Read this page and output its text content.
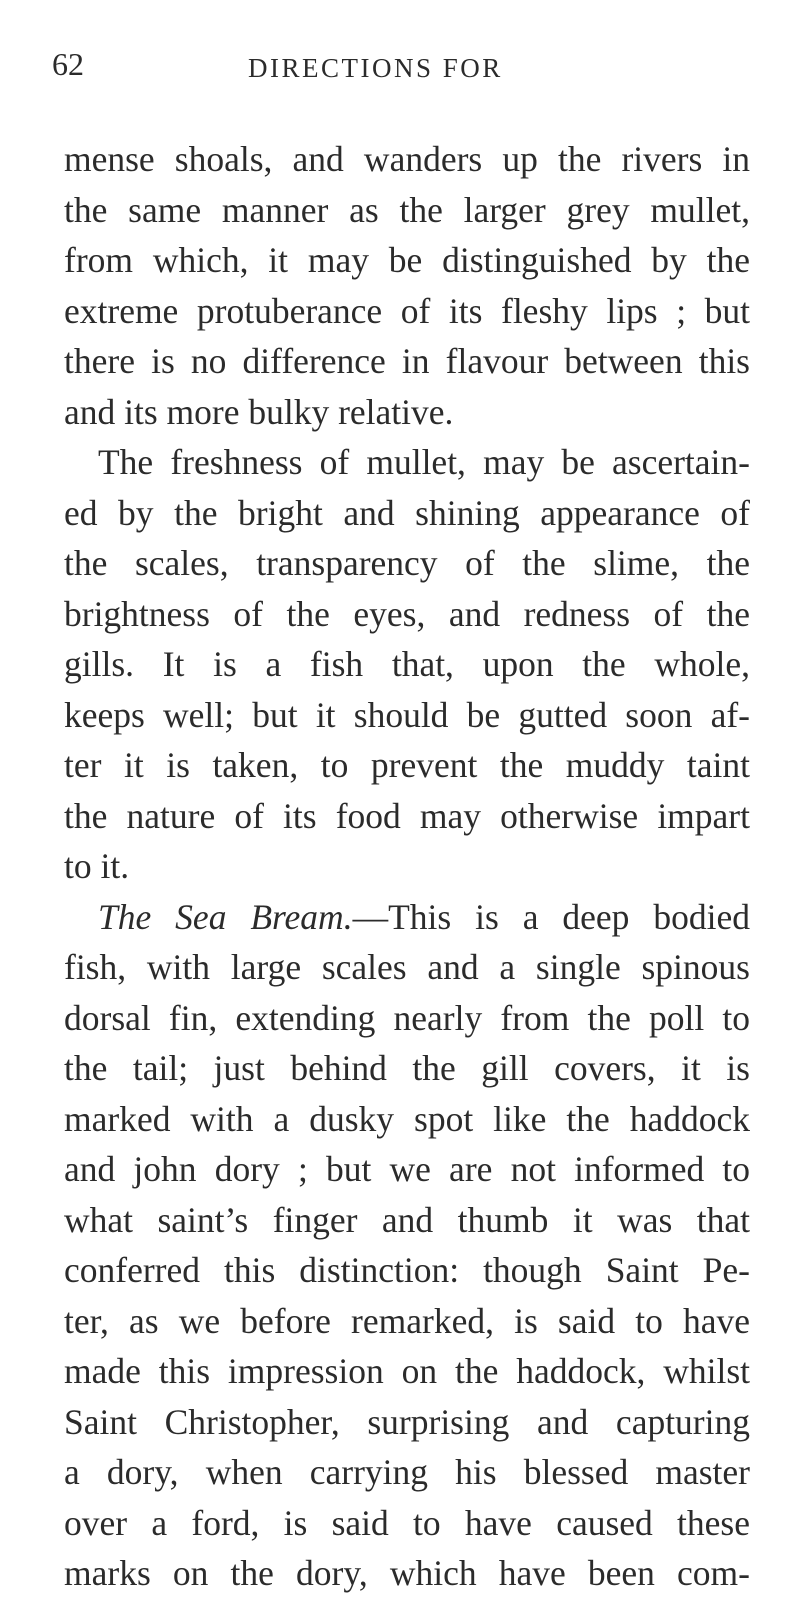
62	DIRECTIONS FOR
mense shoals, and wanders up the rivers in
the same manner as the larger grey mullet,
from which, it may be distinguished by the
extreme protuberance of its fleshy lips ; but
there is no difference in flavour between this
and its more bulky relative.
The freshness of mullet, may be ascertain-
ed by the bright and shining appearance of
the scales, transparency of the slime, the
brightness of the eyes, and redness of the
gills. It is a fish that, upon the whole,
keeps well; but it should be gutted soon af-
ter it is taken, to prevent the muddy taint
the nature of its food may otherwise impart
to it.
The Sea Bream.—This is a deep bodied
fish, with large scales and a single spinous
dorsal fin, extending nearly from the poll to
the tail; just behind the gill covers, it is
marked with a dusky spot like the haddock
and john dory ; but we are not informed to
what saint’s finger and thumb it was that
conferred this distinction: though Saint Pe-
ter, as we before remarked, is said to have
made this impression on the haddock, whilst
Saint Christopher, surprising and capturing
a dory, when carrying his blessed master
over a ford, is said to have caused these
marks on the dory, which have been com-
